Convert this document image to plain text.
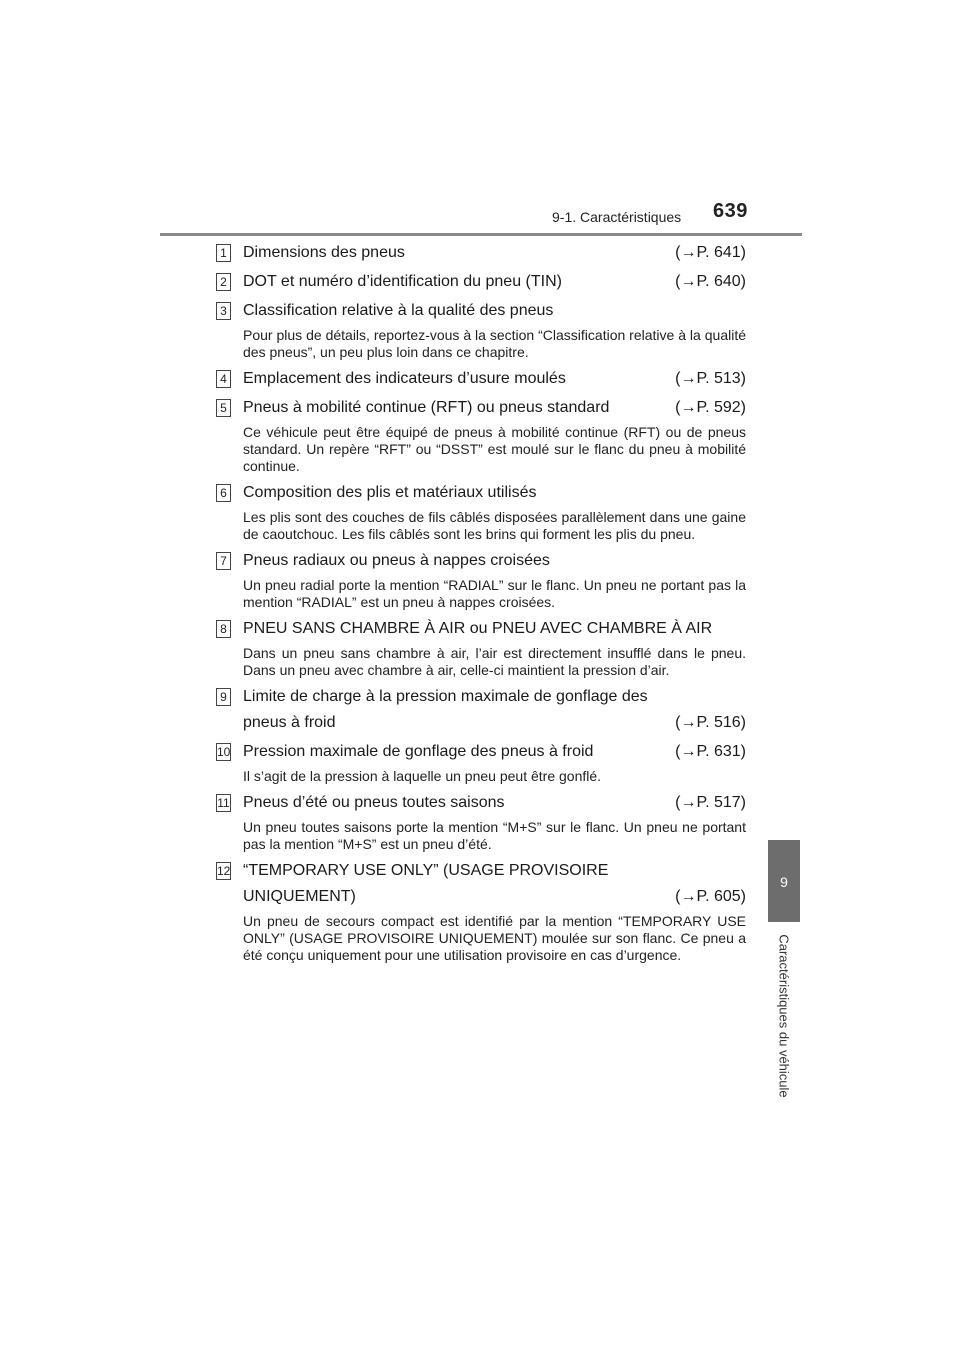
9-1. Caractéristiques 639
9
Caractéristiques du véhicule
1	Dimensions des pneus	(→P. 641)
2	DOT et numéro d’identification du pneu (TIN)	(→P. 640)
3	Classification relative à la qualité des pneus
Pour plus de détails, reportez-vous à la section “Classification relative à la qualité des pneus”, un peu plus loin dans ce chapitre.
4	Emplacement des indicateurs d’usure moulés	(→P. 513)
5	Pneus à mobilité continue (RFT) ou pneus standard	(→P. 592)
Ce véhicule peut être équipé de pneus à mobilité continue (RFT) ou de pneus standard. Un repère “RFT” ou “DSST” est moulé sur le flanc du pneu à mobilité continue.
6	Composition des plis et matériaux utilisés
Les plis sont des couches de fils câblés disposées parallèlement dans une gaine de caoutchouc. Les fils câblés sont les brins qui forment les plis du pneu.
7	Pneus radiaux ou pneus à nappes croisées
Un pneu radial porte la mention “RADIAL” sur le flanc. Un pneu ne portant pas la mention “RADIAL” est un pneu à nappes croisées.
8	PNEU SANS CHAMBRE À AIR ou PNEU AVEC CHAMBRE À AIR
Dans un pneu sans chambre à air, l’air est directement insufflé dans le pneu. Dans un pneu avec chambre à air, celle-ci maintient la pression d’air.
9	Limite de charge à la pression maximale de gonflage des
pneus à froid	(→P. 516)
10 Pression maximale de gonflage des pneus à froid	(→P. 631)
Il s’agit de la pression à laquelle un pneu peut être gonflé.
11 Pneus d’été ou pneus toutes saisons	(→P. 517)
Un pneu toutes saisons porte la mention “M+S” sur le flanc. Un pneu ne portant pas la mention “M+S” est un pneu d’été.
12 “TEMPORARY USE ONLY” (USAGE PROVISOIRE
UNIQUEMENT)	(→P. 605)
Un pneu de secours compact est identifié par la mention “TEMPORARY USE ONLY” (USAGE PROVISOIRE UNIQUEMENT) moulée sur son flanc. Ce pneu a été conçu uniquement pour une utilisation provisoire en cas d’urgence.
